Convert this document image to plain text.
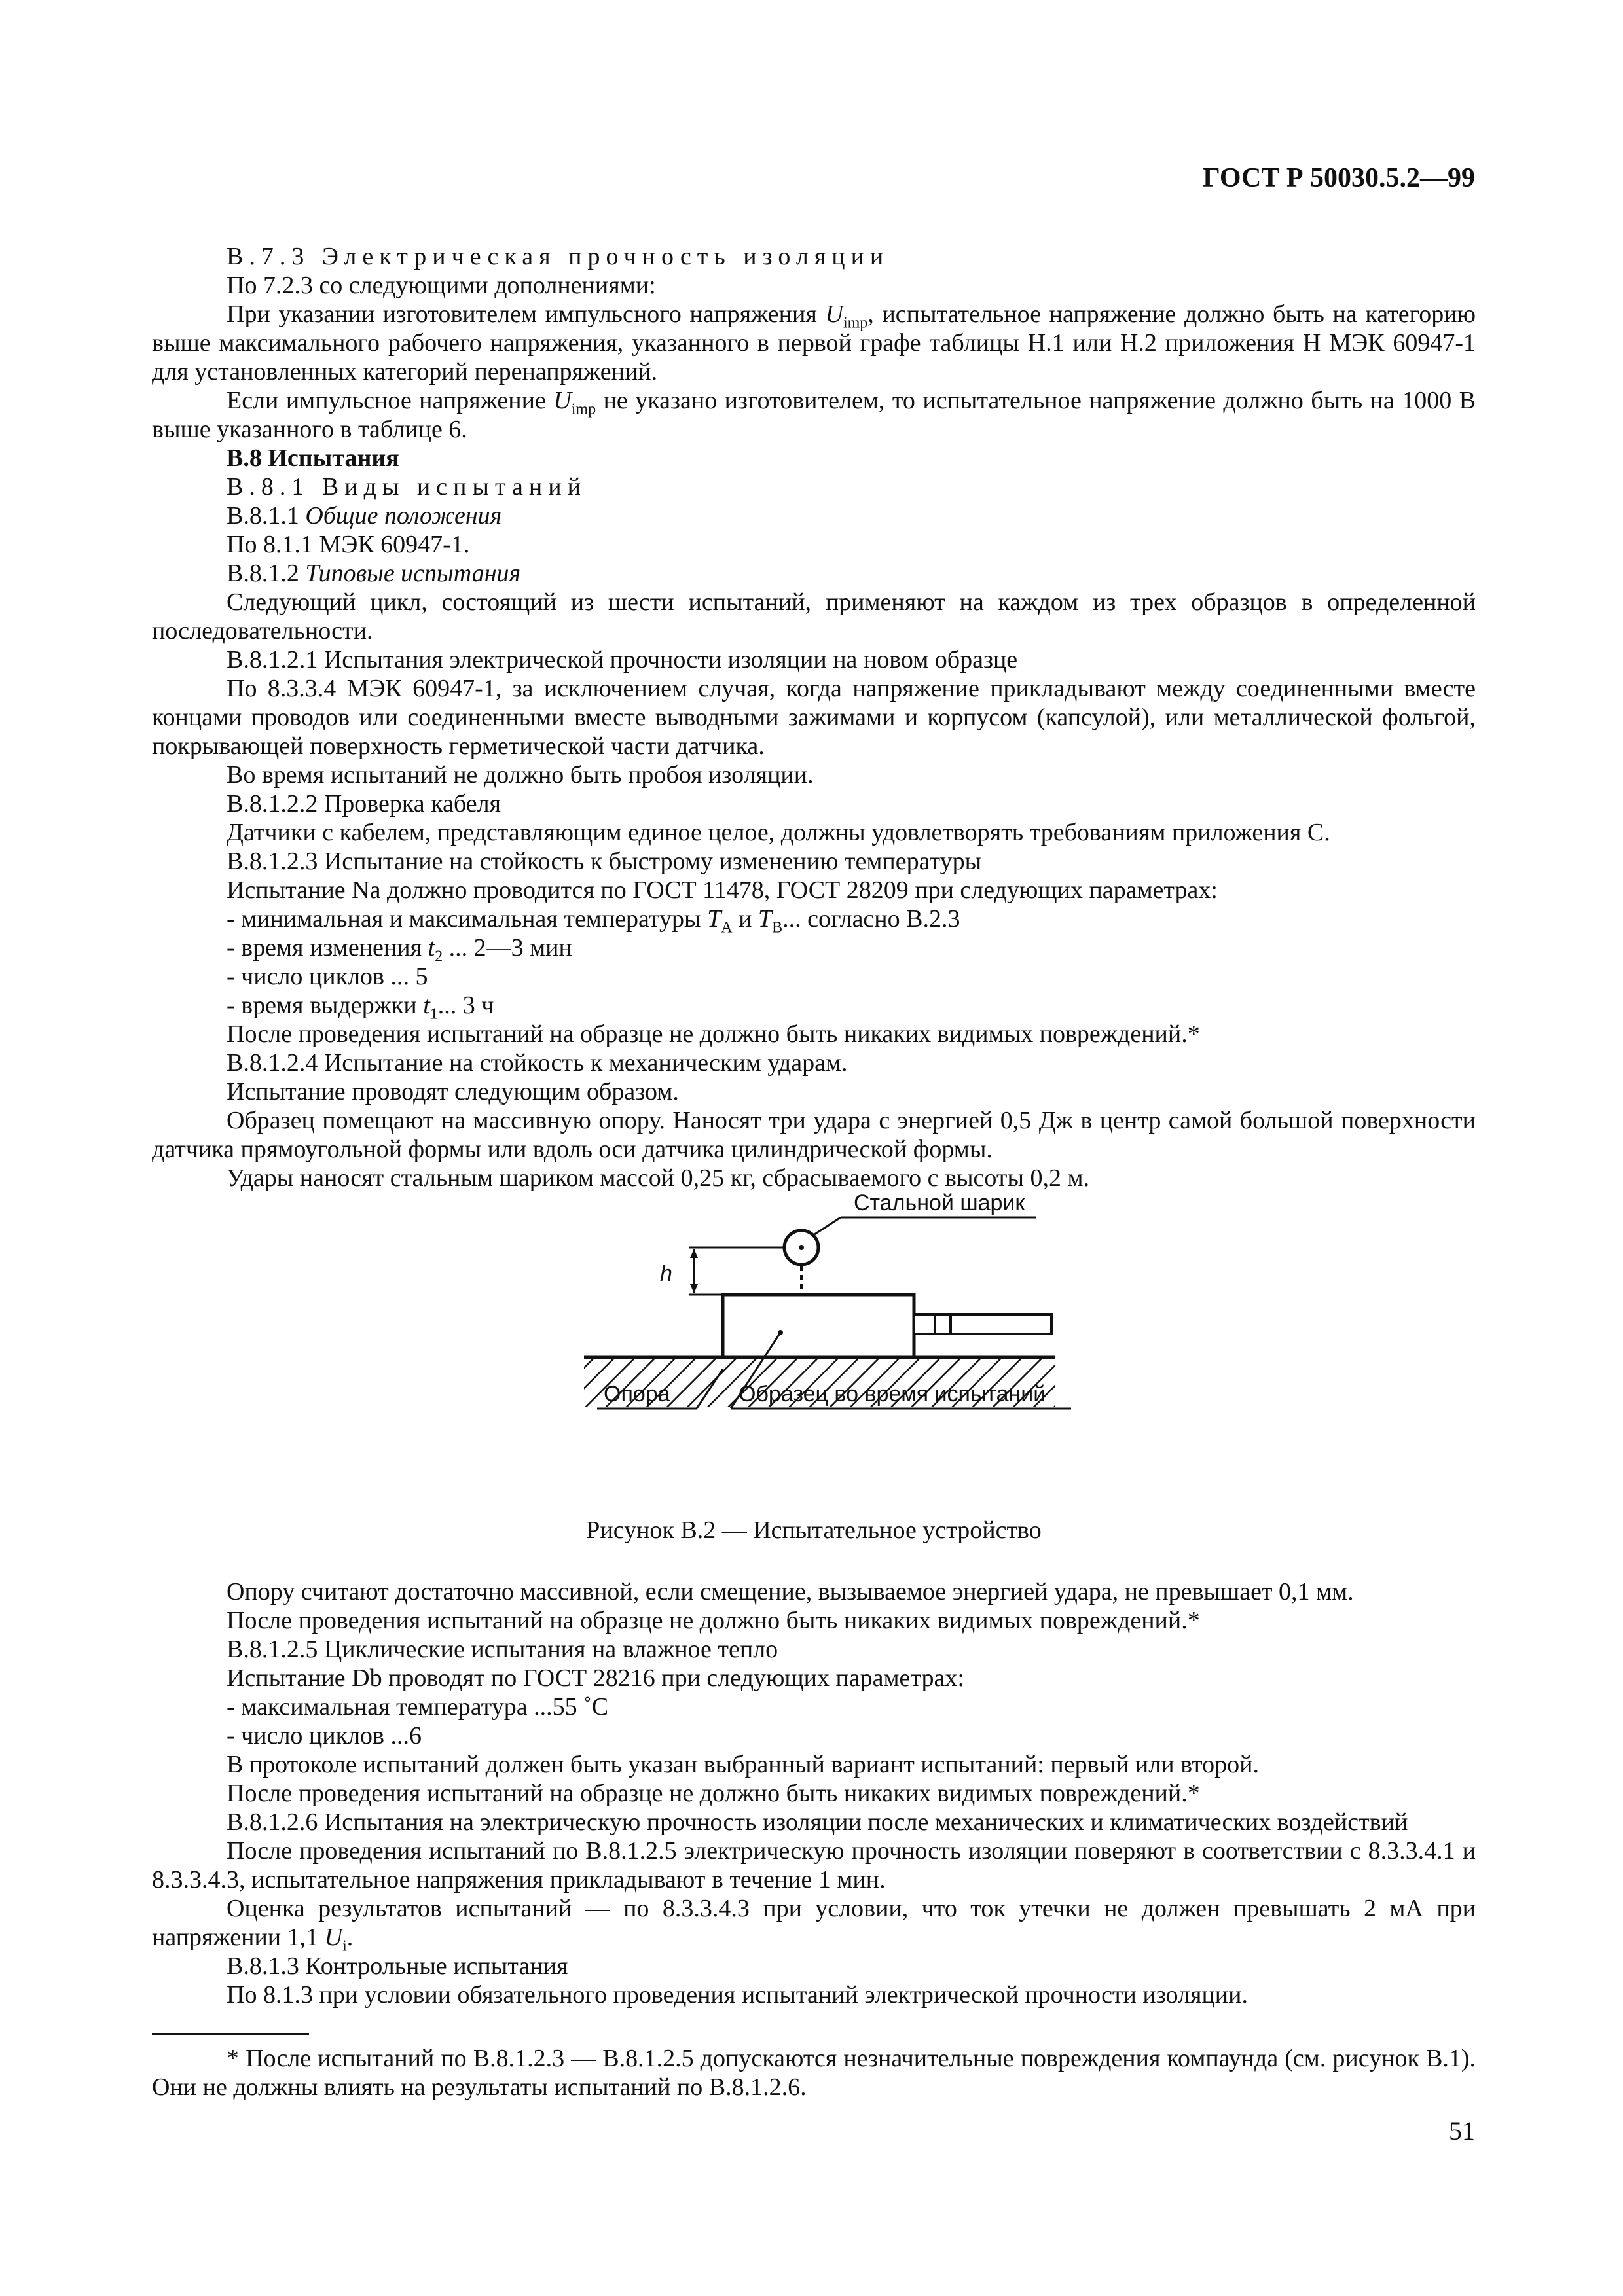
ГОСТ Р 50030.5.2—99

В.7.3 Электрическая прочность изоляции

По 7.2.3 со следующими дополнениями:

При указании изготовителем импульсного напряжения $U_{imp}$, испытательное напряжение должно быть на категорию выше максимального рабочего напряжения, указанного в первой графе таблицы Н.1 или Н.2 приложения Н МЭК 60947-1 для установленных категорий перенапряжений.

Если импульсное напряжение $U_{imp}$ не указано изготовителем, то испытательное напряжение должно быть на 1000 В выше указанного в таблице 6.

В.8 Испытания

В.8.1 Виды испытаний

В.8.1.1 Общие положения

По 8.1.1 МЭК 60947-1.

В.8.1.2 Типовые испытания

Следующий цикл, состоящий из шести испытаний, применяют на каждом из трех образцов в определенной последовательности.

В.8.1.2.1 Испытания электрической прочности изоляции на новом образце

По 8.3.3.4 МЭК 60947-1, за исключением случая, когда напряжение прикладывают между соединенными вместе концами проводов или соединенными вместе выводными зажимами и корпусом (капсулой), или металлической фольгой, покрывающей поверхность герметической части датчика.

Во время испытаний не должно быть пробоя изоляции.

В.8.1.2.2 Проверка кабеля

Датчики с кабелем, представляющим единое целое, должны удовлетворять требованиям приложения С.

В.8.1.2.3 Испытание на стойкость к быстрому изменению температуры

Испытание Na должно проводится по ГОСТ 11478, ГОСТ 28209 при следующих параметрах:

- минимальная и максимальная температуры $T_A$ и $T_B$... согласно В.2.3

- время изменения $t_2$ ... 2—3 мин

- число циклов ... 5

- время выдержки $t_1$... 3 ч

После проведения испытаний на образце не должно быть никаких видимых повреждений.*

В.8.1.2.4 Испытание на стойкость к механическим ударам.

Испытание проводят следующим образом.

Образец помещают на массивную опору. Наносят три удара с энергией 0,5 Дж в центр самой большой поверхности датчика прямоугольной формы или вдоль оси датчика цилиндрической формы.

Удары наносят стальным шариком массой 0,25 кг, сбрасываемого с высоты 0,2 м.

Стальной шарик
h
Опора	Образец во время испытаний

Рисунок В.2 — Испытательное устройство

Опору считают достаточно массивной, если смещение, вызываемое энергией удара, не превышает 0,1 мм.

После проведения испытаний на образце не должно быть никаких видимых повреждений.*

В.8.1.2.5 Циклические испытания на влажное тепло

Испытание Db проводят по ГОСТ 28216 при следующих параметрах:

- максимальная температура ...55 ˚С

- число циклов ...6

В протоколе испытаний должен быть указан выбранный вариант испытаний: первый или второй.

После проведения испытаний на образце не должно быть никаких видимых повреждений.*

В.8.1.2.6 Испытания на электрическую прочность изоляции после механических и климатических воздействий

После проведения испытаний по В.8.1.2.5 электрическую прочность изоляции поверяют в соответствии с 8.3.3.4.1 и 8.3.3.4.3, испытательное напряжения прикладывают в течение 1 мин.

Оценка результатов испытаний — по 8.3.3.4.3 при условии, что ток утечки не должен превышать 2 мА при напряжении 1,1 $U_i$.

В.8.1.3 Контрольные испытания

По 8.1.3 при условии обязательного проведения испытаний электрической прочности изоляции.

* После испытаний по В.8.1.2.3 — В.8.1.2.5 допускаются незначительные повреждения компаунда (см. рисунок В.1). Они не должны влиять на результаты испытаний по В.8.1.2.6.

51
